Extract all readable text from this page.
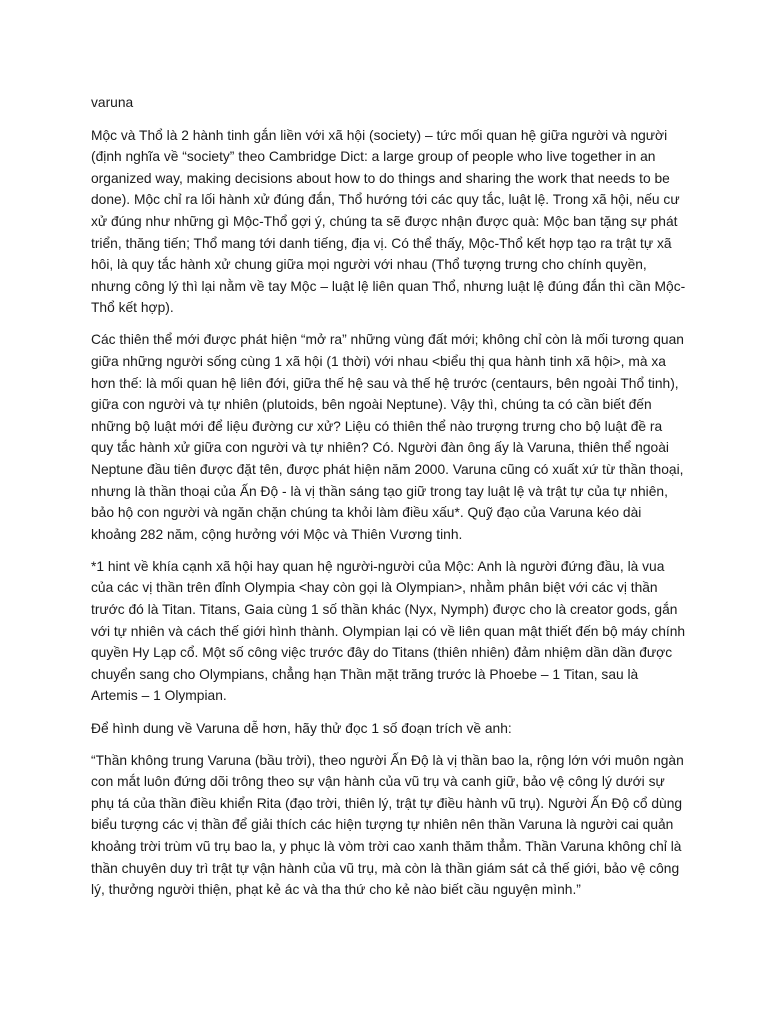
varuna

Mộc và Thổ là 2 hành tinh gắn liền với xã hội (society) – tức mối quan hệ giữa người và người (định nghĩa về “society” theo Cambridge Dict: a large group of people who live together in an organized way, making decisions about how to do things and sharing the work that needs to be done). Mộc chỉ ra lối hành xử đúng đắn, Thổ hướng tới các quy tắc, luật lệ. Trong xã hội, nếu cư xử đúng như những gì Mộc-Thổ gợi ý, chúng ta sẽ được nhận được quà: Mộc ban tặng sự phát triển, thăng tiến; Thổ mang tới danh tiếng, địa vị. Có thể thấy, Mộc-Thổ kết hợp tạo ra trật tự xã hôi, là quy tắc hành xử chung giữa mọi người với nhau (Thổ tượng trưng cho chính quyền, nhưng công lý thì lại nằm về tay Mộc – luật lệ liên quan Thổ, nhưng luật lệ đúng đắn thì cần Mộc-Thổ kết hợp).

Các thiên thể mới được phát hiện “mở ra” những vùng đất mới; không chỉ còn là mối tương quan giữa những người sống cùng 1 xã hội (1 thời) với nhau <biểu thị qua hành tinh xã hội>, mà xa hơn thế: là mối quan hệ liên đới, giữa thế hệ sau và thế hệ trước (centaurs, bên ngoài Thổ tinh), giữa con người và tự nhiên (plutoids, bên ngoài Neptune). Vậy thì, chúng ta có cần biết đến những bộ luật mới để liệu đường cư xử? Liệu có thiên thể nào trượng trưng cho bộ luật đề ra quy tắc hành xử giữa con người và tự nhiên? Có. Người đàn ông ấy là Varuna, thiên thể ngoài Neptune đầu tiên được đặt tên, được phát hiện năm 2000. Varuna cũng có xuất xứ từ thần thoại, nhưng là thần thoại của Ấn Độ - là vị thần sáng tạo giữ trong tay luật lệ và trật tự của tự nhiên, bảo hộ con người và ngăn chặn chúng ta khỏi làm điều xấu*. Quỹ đạo của Varuna kéo dài khoảng 282 năm, cộng hưởng với Mộc và Thiên Vương tinh.

*1 hint về khía cạnh xã hội hay quan hệ người-người của Mộc: Anh là người đứng đầu, là vua của các vị thần trên đỉnh Olympia <hay còn gọi là Olympian>, nhằm phân biệt với các vị thần trước đó là Titan. Titans, Gaia cùng 1 số thần khác (Nyx, Nymph) được cho là creator gods, gắn với tự nhiên và cách thế giới hình thành. Olympian lại có về liên quan mật thiết đến bộ máy chính quyền Hy Lạp cổ. Một số công việc trước đây do Titans (thiên nhiên) đảm nhiệm dần dần được chuyển sang cho Olympians, chẳng hạn Thần mặt trăng trước là Phoebe – 1 Titan, sau là Artemis – 1 Olympian.

Để hình dung về Varuna dễ hơn, hãy thử đọc 1 số đoạn trích về anh:

“Thần không trung Varuna (bầu trời), theo người Ấn Độ là vị thần bao la, rộng lớn với muôn ngàn con mắt luôn đứng dõi trông theo sự vận hành của vũ trụ và canh giữ, bảo vệ công lý dưới sự phụ tá của thần điều khiển Rita (đạo trời, thiên lý, trật tự điều hành vũ trụ). Người Ấn Độ cổ dùng biểu tượng các vị thần để giải thích các hiện tượng tự nhiên nên thần Varuna là người cai quản khoảng trời trùm vũ trụ bao la, y phục là vòm trời cao xanh thăm thẳm. Thần Varuna không chỉ là thần chuyên duy trì trật tự vận hành của vũ trụ, mà còn là thần giám sát cả thế giới, bảo vệ công lý, thưởng người thiện, phạt kẻ ác và tha thứ cho kẻ nào biết cầu nguyện mình.”
